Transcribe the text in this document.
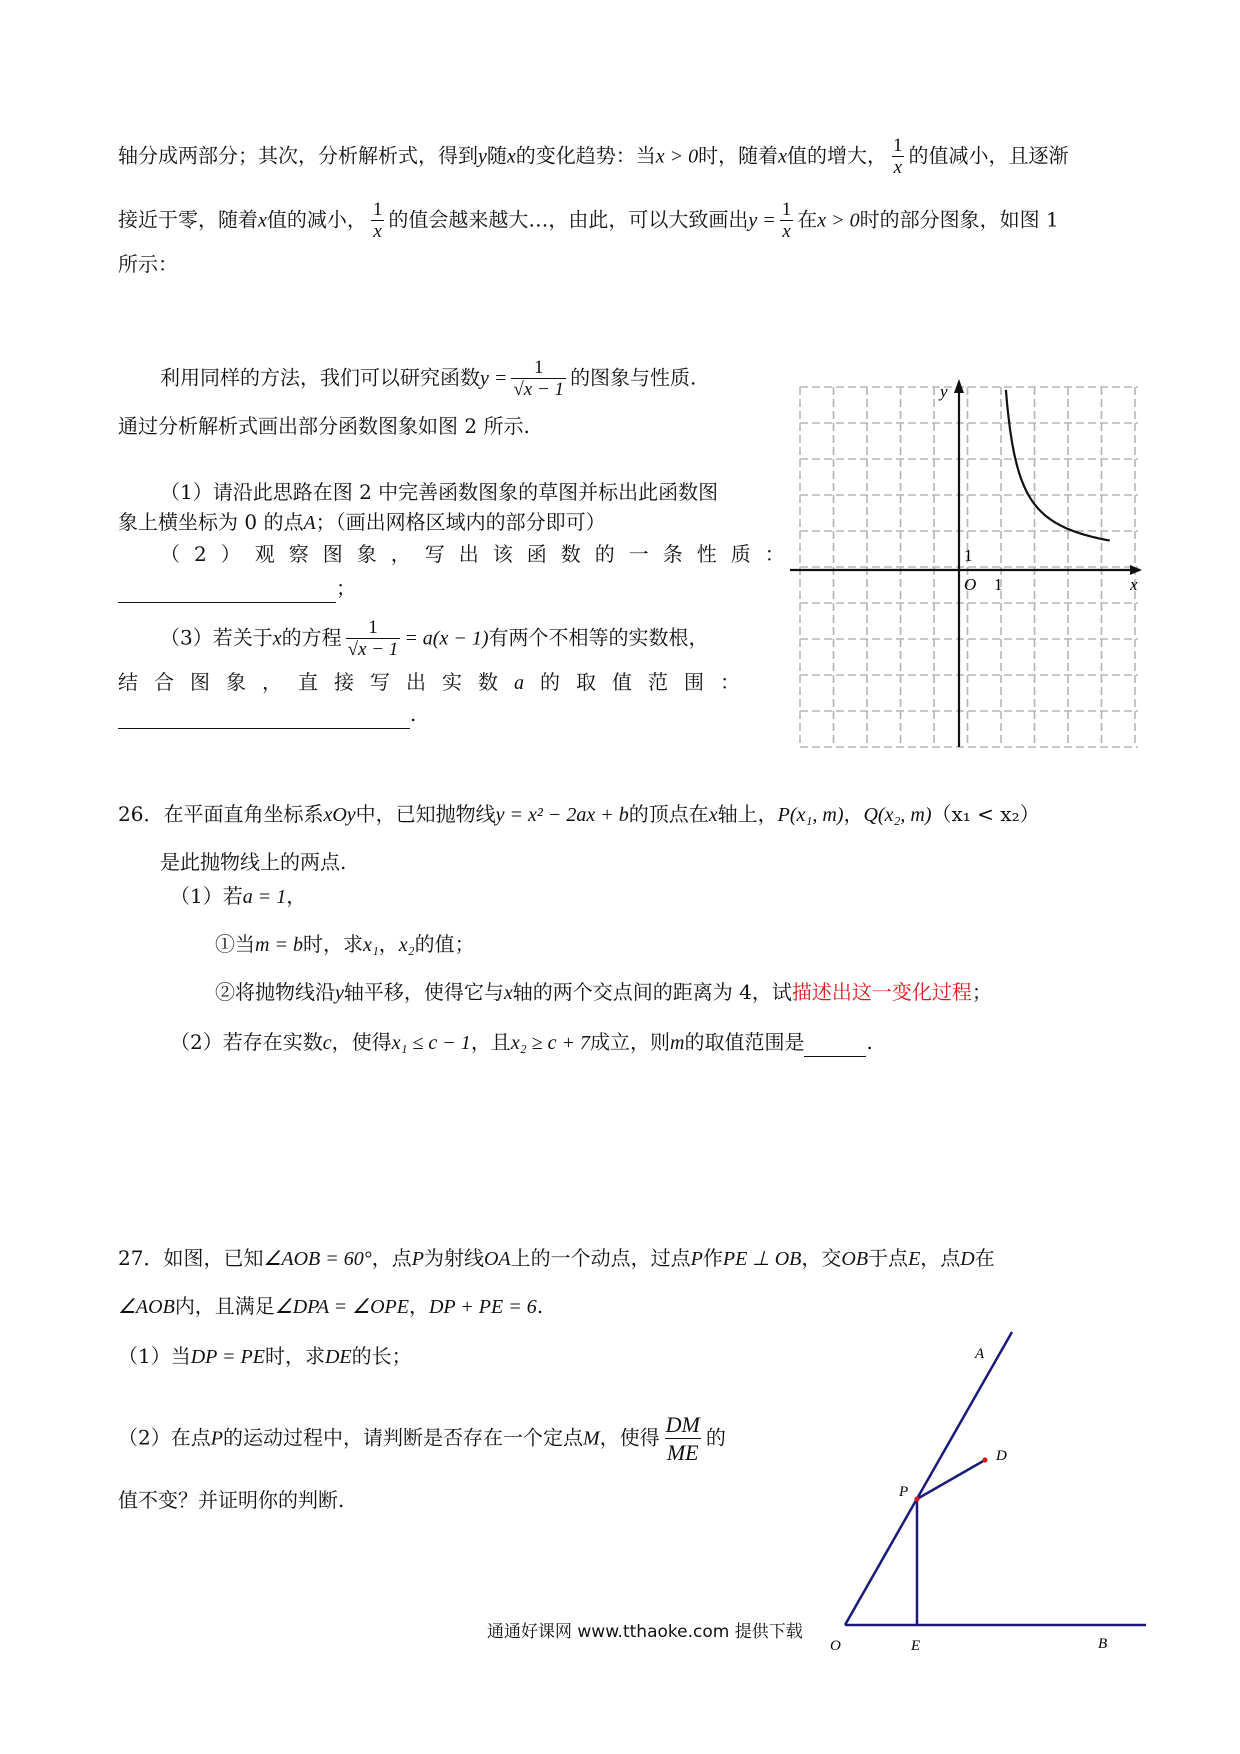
轴分成两部分；其次，分析解析式，得到y随x的变化趋势：当x > 0时，随着x值的增大， $\frac{1}{x}$ 的值减小，且逐渐
接近于零，随着x值的减小， $\frac{1}{x}$ 的值会越来越大…，由此，可以大致画出$y = \frac{1}{x}$ 在x > 0时的部分图象，如图 1
所示：
利用同样的方法，我们可以研究函数$y = \frac{1}{√x - 1}$ 的图象与性质.
通过分析解析式画出部分函数图象如图 2 所示.
（1）请沿此思路在图 2 中完善函数图象的草图并标出此函数图
象上横坐标为 0 的点A；（画出网格区域内的部分即可）
（2）观察图象，写出该函数的一条性质：
；
（3）若关于x的方程 $\frac{1}{√x - 1} = a(x - 1)$有两个不相等的实数根，
结合图象，直接写出实数a的取值范围：
.
y
x
O 1
1
26．在平面直角坐标系xOy中，已知抛物线y = x² − 2ax + b的顶点在x轴上，P(x₁, m)，Q(x₂, m)（x₁ < x₂）
是此抛物线上的两点.
（1）若a = 1，
①当m = b时，求x₁，x₂的值；
②将抛物线沿y轴平移，使得它与x轴的两个交点间的距离为 4，试描述出这一变化过程；
（2）若存在实数c，使得x₁ ≤ c − 1，且x₂ ≥ c + 7成立，则m的取值范围是	.
27．如图，已知∠AOB = 60°，点P为射线OA上的一个动点，过点P作PE ⊥ OB，交OB于点E，点D在
∠AOB内，且满足∠DPA = ∠OPE，DP + PE = 6.
（1）当DP = PE时，求DE的长；
（2）在点P的运动过程中，请判断是否存在一个定点M，使得 $\frac{DM}{ME}$ 的
值不变？并证明你的判断.
A
D
P
O	E	B
通通好课网 www.tthaoke.com 提供下载
